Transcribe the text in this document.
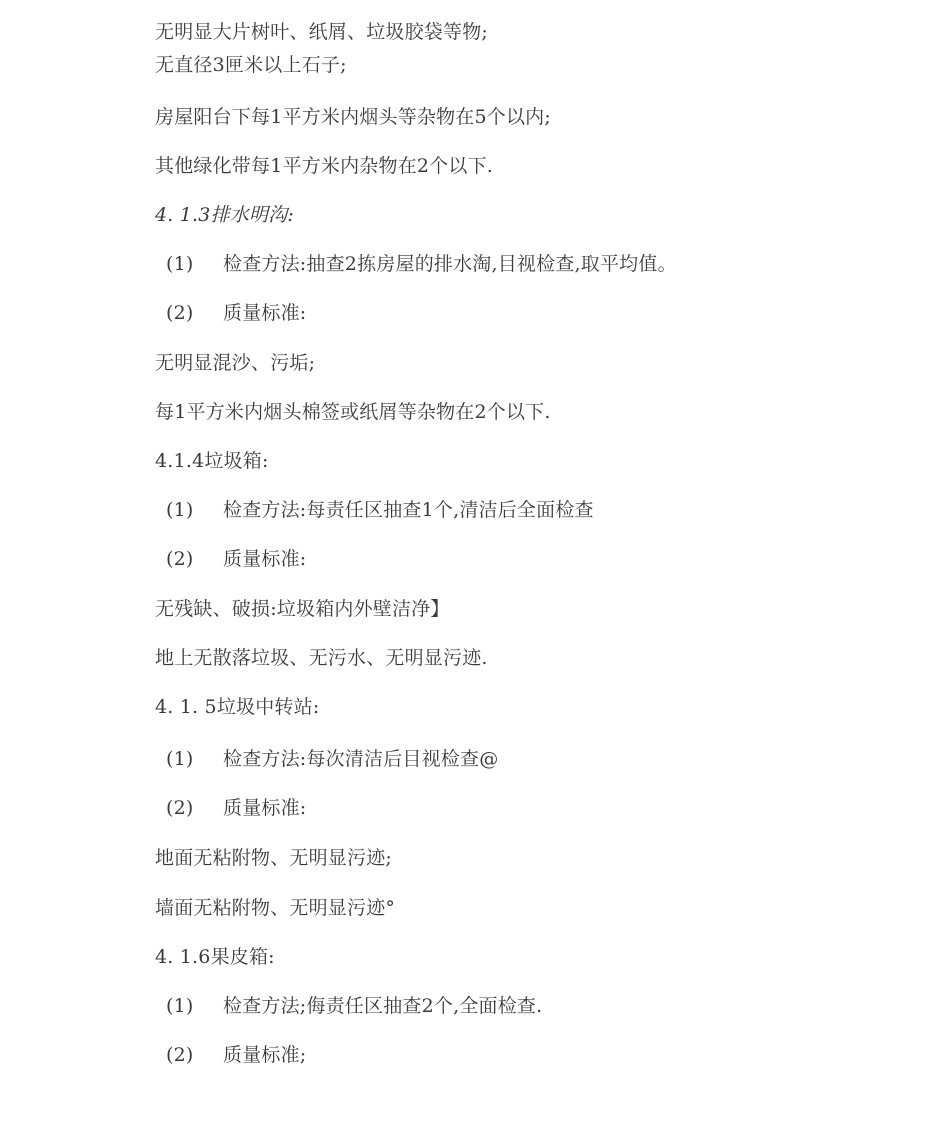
无明显大片树叶、纸屑、垃圾胶袋等物;
无直径3匣米以上石子;
房屋阳台下每1平方米内烟头等杂物在5个以内;
其他绿化带每1平方米内杂物在2个以下.
4. 1.3排水明沟:
(1) 检查方法:抽查2拣房屋的排水淘,目视检查,取平均值。
(2) 质量标准:
无明显混沙、污垢;
每1平方米内烟头棉签或纸屑等杂物在2个以下.
4.1.4垃圾箱:
(1) 检查方法:每责任区抽查1个,清洁后全面检查
(2) 质量标准:
无残缺、破损:垃圾箱内外壁洁净】
地上无散落垃圾、无污水、无明显污迹.
4. 1. 5垃圾中转站:
(1) 检查方法:每次清洁后目视检查@
(2) 质量标准:
地面无粘附物、无明显污迹;
墙面无粘附物、无明显污迹°
4. 1.6果皮箱:
(1) 检查方法;侮责任区抽查2个,全面检查.
(2) 质量标准;
